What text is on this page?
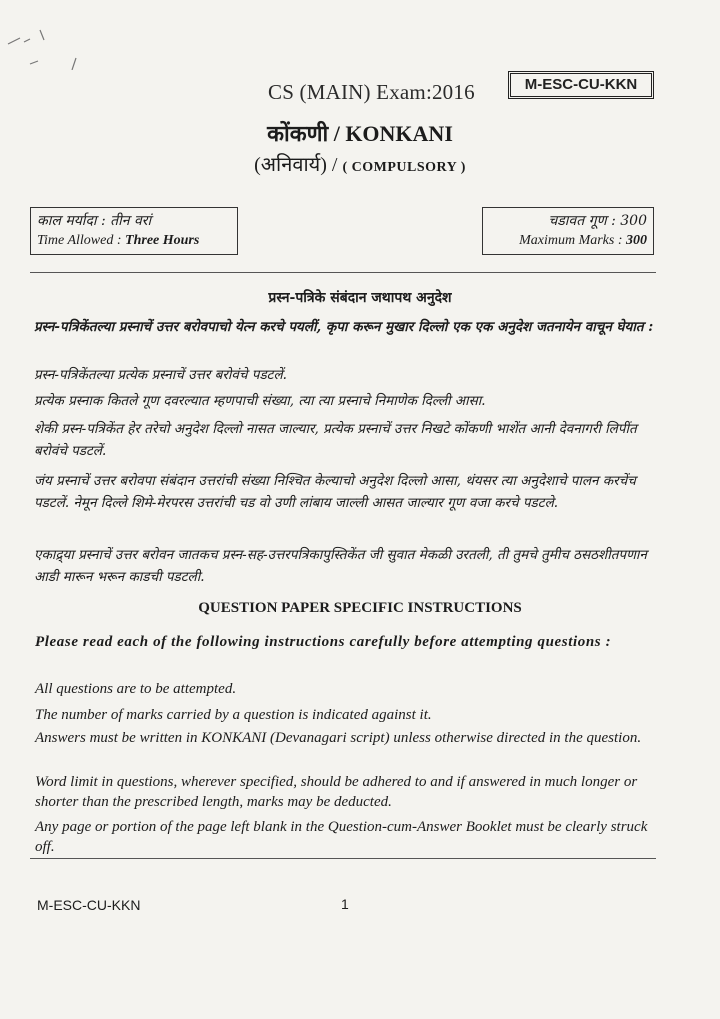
CS (MAIN) Exam:2016	M-ESC-CU-KKN
कोंकणी / KONKANI
(अनिवार्य) / ( COMPULSORY )
काल मर्यादा : तीन वरां
Time Allowed : Three Hours
चडावत गूण : 300
Maximum Marks : 300
प्रस्न-पत्रिके संबंदान जथापथ अनुदेश
प्रस्न-पत्रिकेंतल्या प्रस्नाचें उत्तर बरोवपाचो येत्न करचे पयलीं, कृपा करून मुखार दिल्लो एक एक अनुदेश जतनायेन वाचून घेयात :
प्रस्न-पत्रिकेंतल्या प्रत्येक प्रस्नाचें उत्तर बरोवंचे पडटलें.
प्रत्येक प्रस्नाक कितले गूण दवरल्यात म्हणपाची संख्या, त्या त्या प्रस्नाचे निमाणेक दिल्ली आसा.
शेकी प्रस्न-पत्रिकेंत हेर तरेचो अनुदेश दिल्लो नासत जाल्यार, प्रत्येक प्रस्नाचें उत्तर निखटे कोंकणी भाशेंत आनी देवनागरी लिपींत बरोवंचे पडटलें.
जंय प्रस्नाचें उत्तर बरोवपा संबंदान उत्तरांची संख्या निश्चित केल्याचो अनुदेश दिल्लो आसा, थंयसर त्या अनुदेशाचे पालन करचेंच पडटलें. नेमून दिल्ले शिमे-मेरपरस उत्तरांची चड वो उणी लांबाय जाल्ली आसत जाल्यार गूण वजा करचे पडटले.
एकाद्र्या प्रस्नाचें उत्तर बरोवन जातकच प्रस्न-सह-उत्तरपत्रिकापुस्तिकेंत जी सुवात मेकळी उरतली, ती तुमचे तुमीच ठसठशीतपणान आडी मारून भरून काडची पडटली.
QUESTION PAPER SPECIFIC INSTRUCTIONS
Please read each of the following instructions carefully before attempting questions :
All questions are to be attempted.
The number of marks carried by a question is indicated against it.
Answers must be written in KONKANI (Devanagari script) unless otherwise directed in the question.
Word limit in questions, wherever specified, should be adhered to and if answered in much longer or shorter than the prescribed length, marks may be deducted.
Any page or portion of the page left blank in the Question-cum-Answer Booklet must be clearly struck off.
M-ESC-CU-KKN	1
